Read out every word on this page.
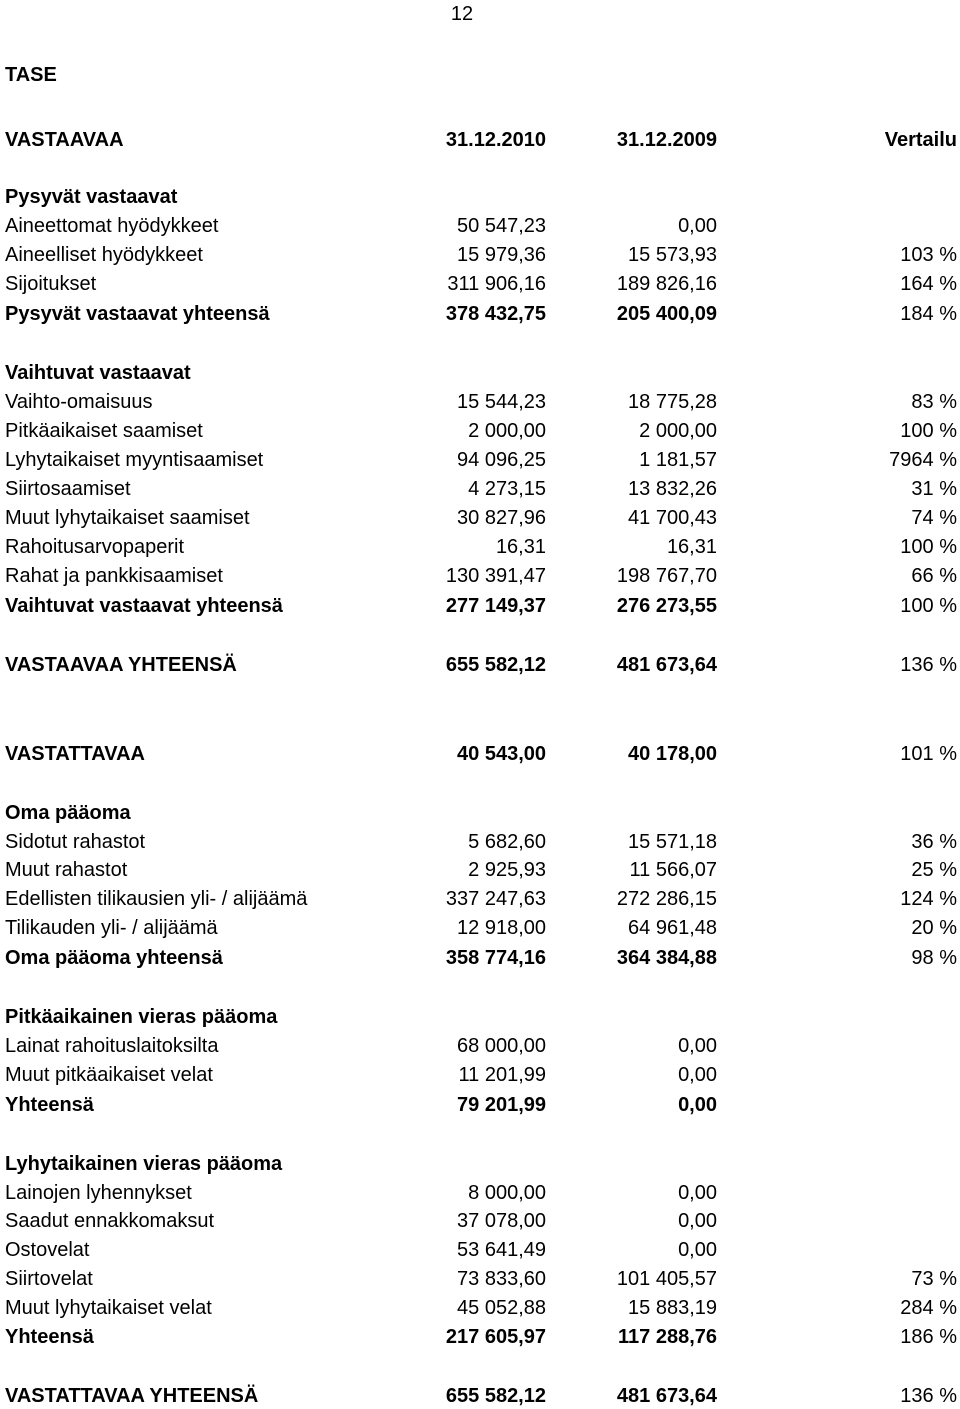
12
TASE
VASTAAVAA	31.12.2010	31.12.2009	Vertailu
Pysyvät vastaavat
Aineettomat hyödykkeet	50 547,23	0,00
Aineelliset hyödykkeet	15 979,36	15 573,93	103 %
Sijoitukset	311 906,16	189 826,16	164 %
Pysyvät vastaavat yhteensä	378 432,75	205 400,09	184 %
Vaihtuvat vastaavat
Vaihto-omaisuus	15 544,23	18 775,28	83 %
Pitkäaikaiset saamiset	2 000,00	2 000,00	100 %
Lyhytaikaiset myyntisaamiset	94 096,25	1 181,57	7964 %
Siirtosaamiset	4 273,15	13 832,26	31 %
Muut lyhytaikaiset saamiset	30 827,96	41 700,43	74 %
Rahoitusarvopaperit	16,31	16,31	100 %
Rahat ja pankkisaamiset	130 391,47	198 767,70	66 %
Vaihtuvat vastaavat yhteensä	277 149,37	276 273,55	100 %
VASTAAVAA YHTEENSÄ	655 582,12	481 673,64	136 %
VASTATTAVAA	40 543,00	40 178,00	101 %
Oma pääoma
Sidotut rahastot	5 682,60	15 571,18	36 %
Muut rahastot	2 925,93	11 566,07	25 %
Edellisten tilikausien yli- / alijäämä	337 247,63	272 286,15	124 %
Tilikauden yli- / alijäämä	12 918,00	64 961,48	20 %
Oma pääoma yhteensä	358 774,16	364 384,88	98 %
Pitkäaikainen vieras pääoma
Lainat rahoituslaitoksilta	68 000,00	0,00
Muut pitkäaikaiset velat	11 201,99	0,00
Yhteensä	79 201,99	0,00
Lyhytaikainen vieras pääoma
Lainojen lyhennykset	8 000,00	0,00
Saadut ennakkomaksut	37 078,00	0,00
Ostovelat	53 641,49	0,00
Siirtovelat	73 833,60	101 405,57	73 %
Muut lyhytaikaiset velat	45 052,88	15 883,19	284 %
Yhteensä	217 605,97	117 288,76	186 %
VASTATTAVAA YHTEENSÄ	655 582,12	481 673,64	136 %
